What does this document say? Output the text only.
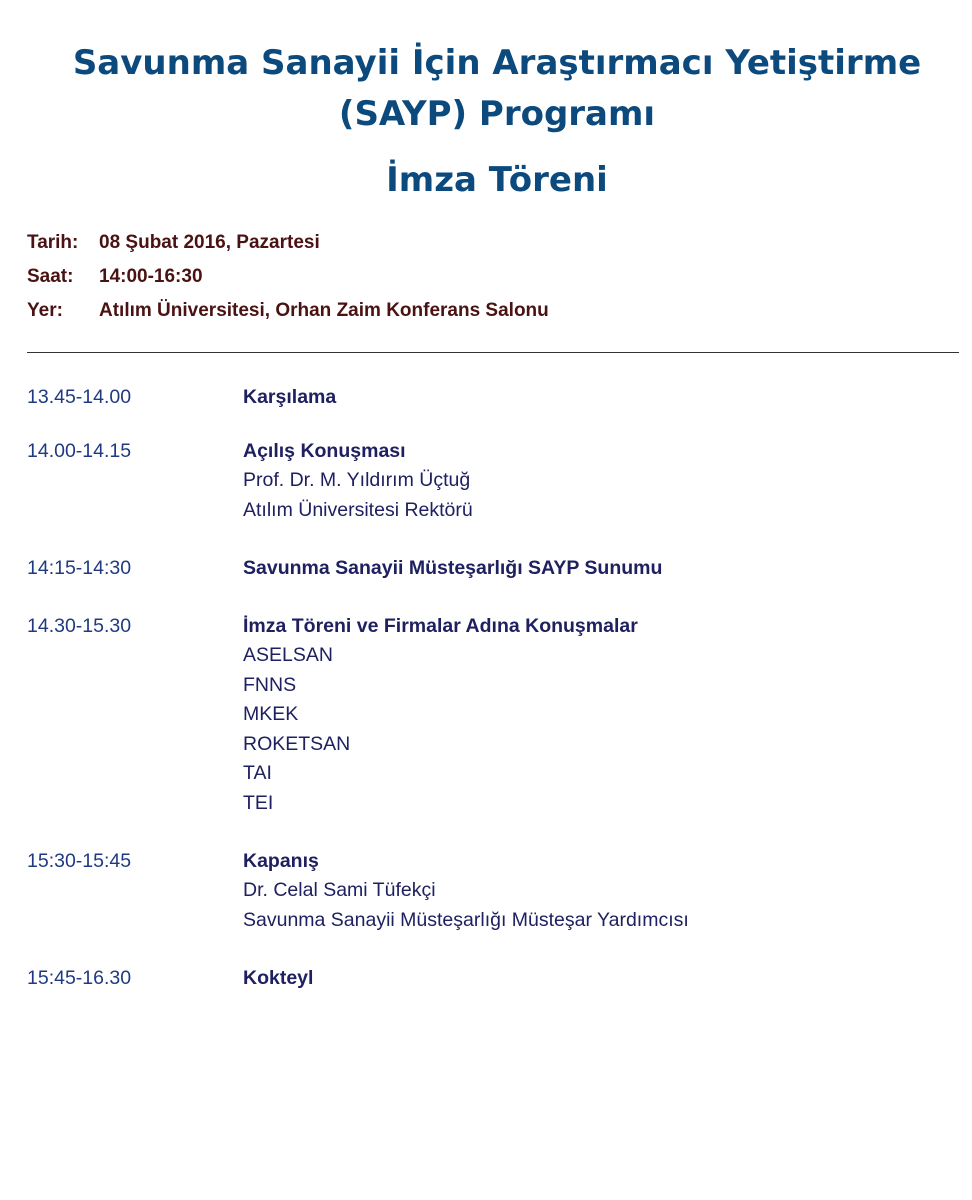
Savunma Sanayii İçin Araştırmacı Yetiştirme
(SAYP) Programı
İmza Töreni
Tarih: 08 Şubat 2016, Pazartesi
Saat: 14:00-16:30
Yer: Atılım Üniversitesi, Orhan Zaim Konferans Salonu
13.45-14.00	Karşılama
14.00-14.15	Açılış Konuşması
Prof. Dr. M. Yıldırım Üçtuğ
Atılım Üniversitesi Rektörü
14:15-14:30	Savunma Sanayii Müsteşarlığı SAYP Sunumu
14.30-15.30	İmza Töreni ve Firmalar Adına Konuşmalar
ASELSAN
FNNS
MKEK
ROKETSAN
TAI
TEI
15:30-15:45	Kapanış
Dr. Celal Sami Tüfekçi
Savunma Sanayii Müsteşarlığı Müsteşar Yardımcısı
15:45-16.30	Kokteyl
